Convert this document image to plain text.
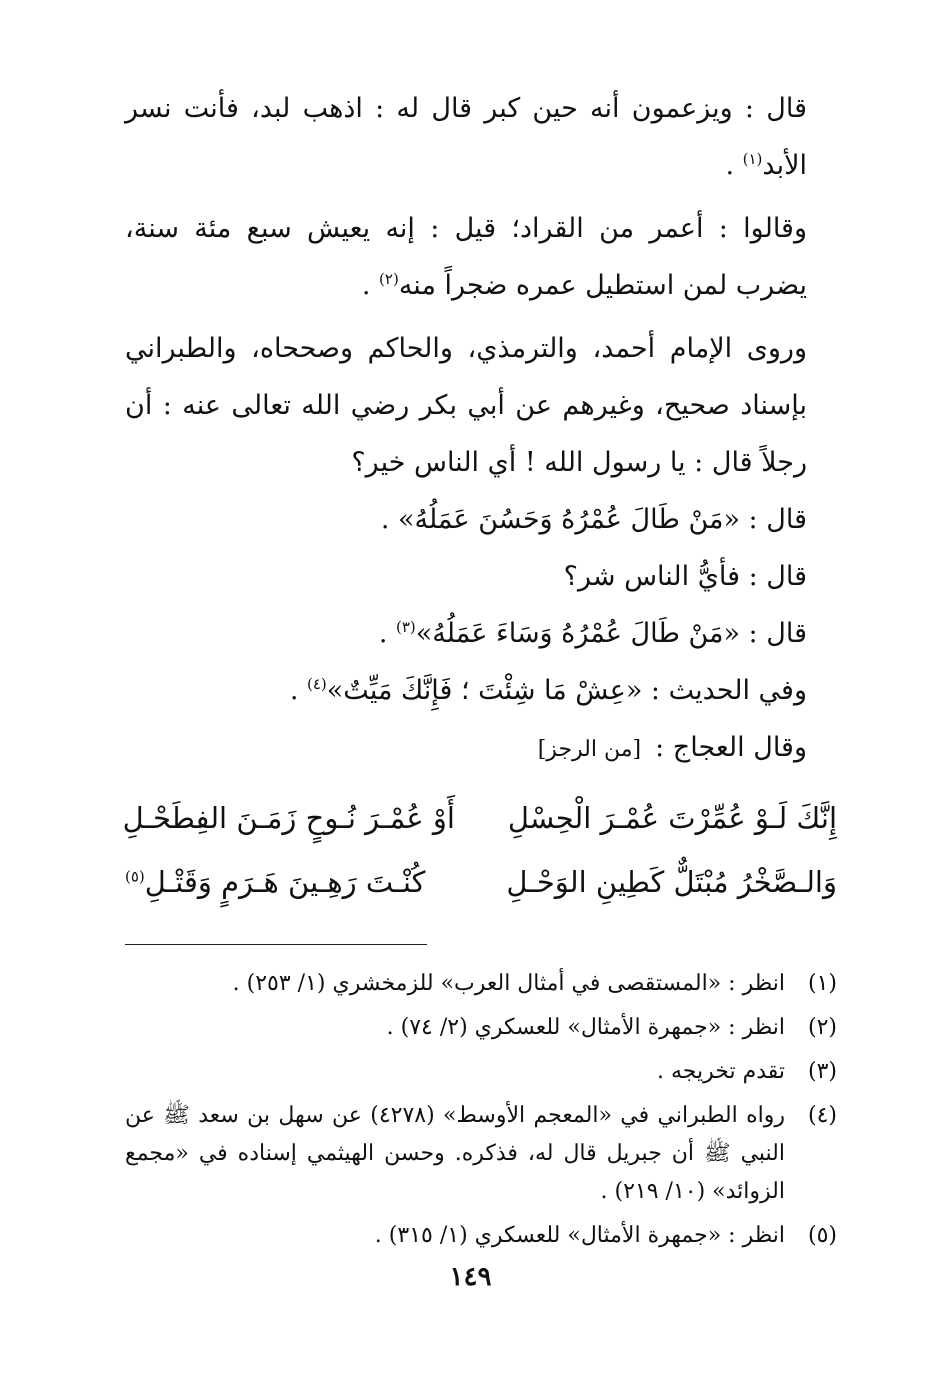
قال : ويزعمون أنه حين كبر قال له : اذهب لبد، فأنت نسر الأبد$^{(١)}$ .

وقالوا : أعمر من القراد؛ قيل : إنه يعيش سبع مئة سنة، يضرب لمن استطيل عمره ضجراً منه$^{(٢)}$ .

وروى الإمام أحمد، والترمذي، والحاكم وصححاه، والطبراني بإسناد صحيح، وغيرهم عن أبي بكر رضي الله تعالى عنه : أن رجلاً قال : يا رسول الله ! أي الناس خير؟

قال : «مَنْ طَالَ عُمْرُهُ وَحَسُنَ عَمَلُهُ» .

قال : فأيُّ الناس شر؟

قال : «مَنْ طَالَ عُمْرُهُ وَسَاءَ عَمَلُهُ»$^{(٣)}$ .

وفي الحديث : «عِشْ مَا شِئْتَ ؛ فَإِنَّكَ مَيِّتٌ»$^{(٤)}$ .

وقال العجاج :[من الرجز]

إِنَّكَ لَـوْ عُمِّرْتَ عُمْـرَ الْحِسْلِ
أَوْ عُمْـرَ نُـوحٍ زَمَـنَ الفِطَحْـلِ
وَالـصَّخْرُ مُبْتَلٌّ كَطِينِ الوَحْـلِ
كُنْـتَ رَهِـينَ هَـرَمٍ وَقَتْـلِ$^{(٥)}$
(١)
انظر : «المستقصى في أمثال العرب» للزمخشري (١/ ٢٥٣) .
(٢)
انظر : «جمهرة الأمثال» للعسكري (٢/ ٧٤) .
(٣)
تقدم تخريجه .
(٤)
رواه الطبراني في «المعجم الأوسط» (٤٢٧٨) عن سهل بن سعد ﷺ عن النبي ﷺ أن جبريل قال له، فذكره. وحسن الهيثمي إسناده في «مجمع الزوائد» (١٠/ ٢١٩) .
(٥)
انظر : «جمهرة الأمثال» للعسكري (١/ ٣١٥) .
١٤٩
